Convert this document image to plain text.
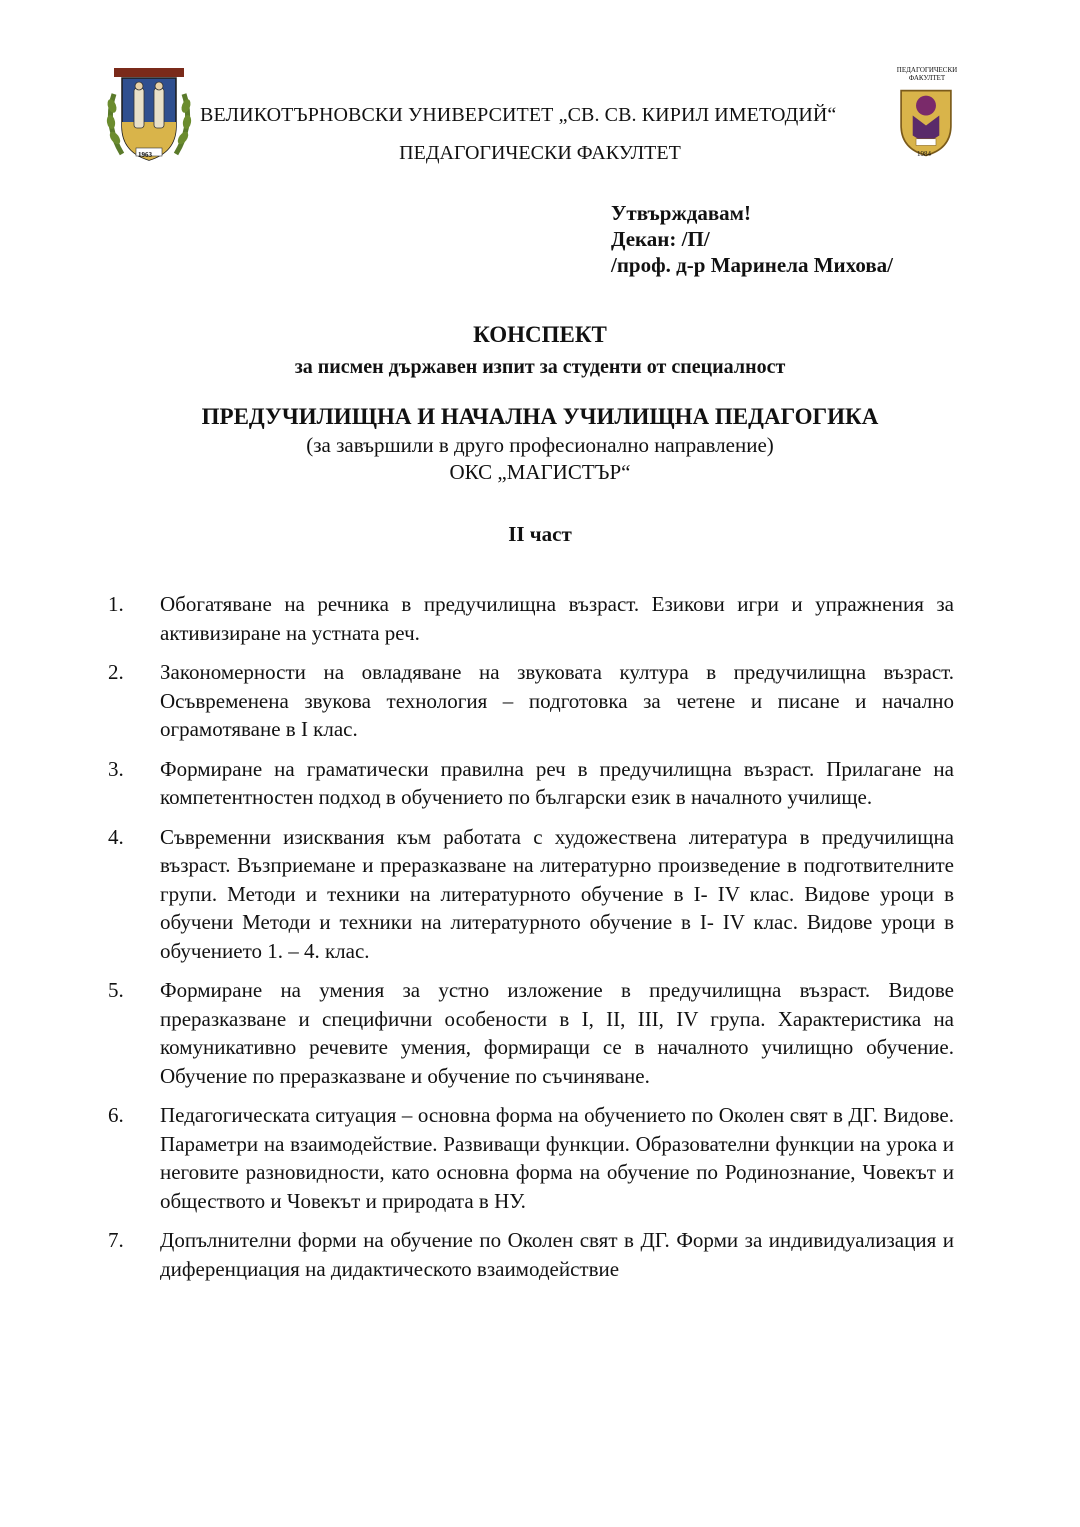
1963
ПЕДАГОГИЧЕСКИ ФАКУЛТЕТ
1984
ВЕЛИКОТЪРНОВСКИ УНИВЕРСИТЕТ „СВ. СВ. КИРИЛ ИМЕТОДИЙ“
ПЕДАГОГИЧЕСКИ ФАКУЛТЕТ
Утвърждавам!
Декан: /П/
/проф. д-р Маринела Михова/
КОНСПЕКТ
за писмен държавен изпит за студенти от специалност
ПРЕДУЧИЛИЩНА И НАЧАЛНА УЧИЛИЩНА ПЕДАГОГИКА
(за завършили в друго професионално направление)
ОКС „МАГИСТЪР“
II част
1. Обогатяване на речника в предучилищна възраст. Езикови игри и упражнения за активизиране на устната реч.
2. Закономерности на овладяване на звуковата култура в предучилищна възраст. Осъвременена звукова технология – подготовка за четене и писане и начално ограмотяване в I клас.
3. Формиране на граматически правилна реч в предучилищна възраст. Прилагане на компетентностен подход в обучението по български език в началното училище.
4. Съвременни изисквания към работата с художествена литература в предучилищна възраст. Възприемане и преразказване на литературно произведение в подготвителните групи. Методи и техники на литературното обучение в I- IV клас. Видове уроци в обучени Методи и техники на литературното обучение в I- IV клас. Видове уроци в обучението 1. – 4. клас.
5. Формиране на умения за устно изложение в предучилищна възраст. Видове преразказване и специфични особености в I, II, III, IV група. Характеристика на комуникативно речевите умения, формиращи се в началното училищно обучение. Обучение по преразказване и обучение по съчиняване.
6. Педагогическата ситуация – основна форма на обучението по Околен свят в ДГ. Видове. Параметри на взаимодействие. Развиващи функции. Образователни функции на урока и неговите разновидности, като основна форма на обучение по Родинознание, Човекът и обществото и Човекът и природата в НУ.
7. Допълнителни форми на обучение по Околен свят в ДГ. Форми за индивидуализация и диференциация на дидактическото взаимодействие
